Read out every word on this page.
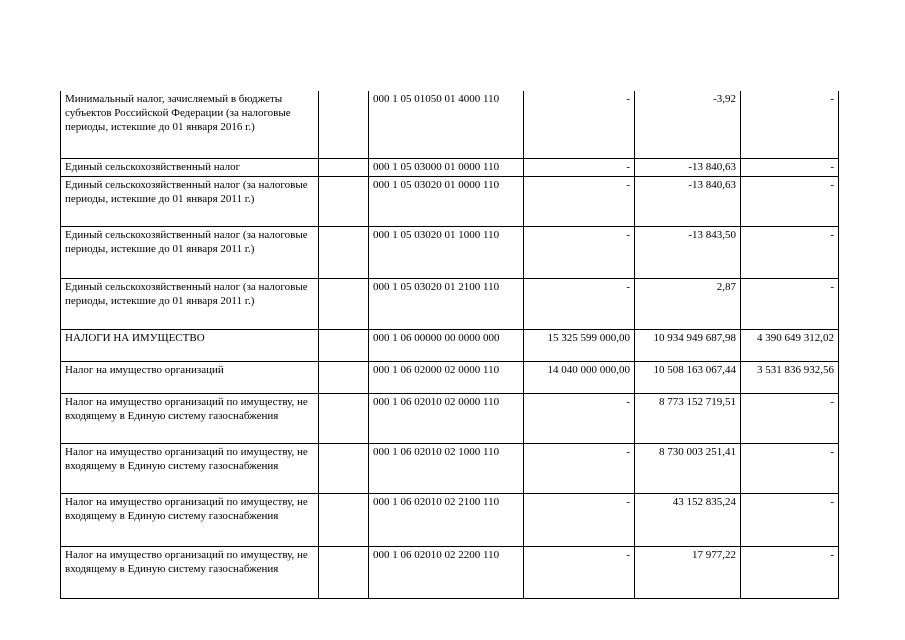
Минимальный налог, зачисляемый в бюджеты субъектов Российской Федерации (за налоговые периоды, истекшие до 01 января 2016 г.)		000 1 05 01050 01 4000 110	-	-3,92	-
Единый сельскохозяйственный налог		000 1 05 03000 01 0000 110	-	-13 840,63	-
Единый сельскохозяйственный налог (за налоговые периоды, истекшие до 01 января 2011 г.)		000 1 05 03020 01 0000 110	-	-13 840,63	-
Единый сельскохозяйственный налог (за налоговые периоды, истекшие до 01 января 2011 г.)		000 1 05 03020 01 1000 110	-	-13 843,50	-
Единый сельскохозяйственный налог (за налоговые периоды, истекшие до 01 января 2011 г.)		000 1 05 03020 01 2100 110	-	2,87	-
НАЛОГИ НА ИМУЩЕСТВО		000 1 06 00000 00 0000 000	15 325 599 000,00	10 934 949 687,98	4 390 649 312,02
Налог на имущество организаций		000 1 06 02000 02 0000 110	14 040 000 000,00	10 508 163 067,44	3 531 836 932,56
Налог на имущество организаций по имуществу, не входящему в Единую систему газоснабжения		000 1 06 02010 02 0000 110	-	8 773 152 719,51	-
Налог на имущество организаций по имуществу, не входящему в Единую систему газоснабжения		000 1 06 02010 02 1000 110	-	8 730 003 251,41	-
Налог на имущество организаций по имуществу, не входящему в Единую систему газоснабжения		000 1 06 02010 02 2100 110	-	43 152 835,24	-
Налог на имущество организаций по имуществу, не входящему в Единую систему газоснабжения		000 1 06 02010 02 2200 110	-	17 977,22	-
